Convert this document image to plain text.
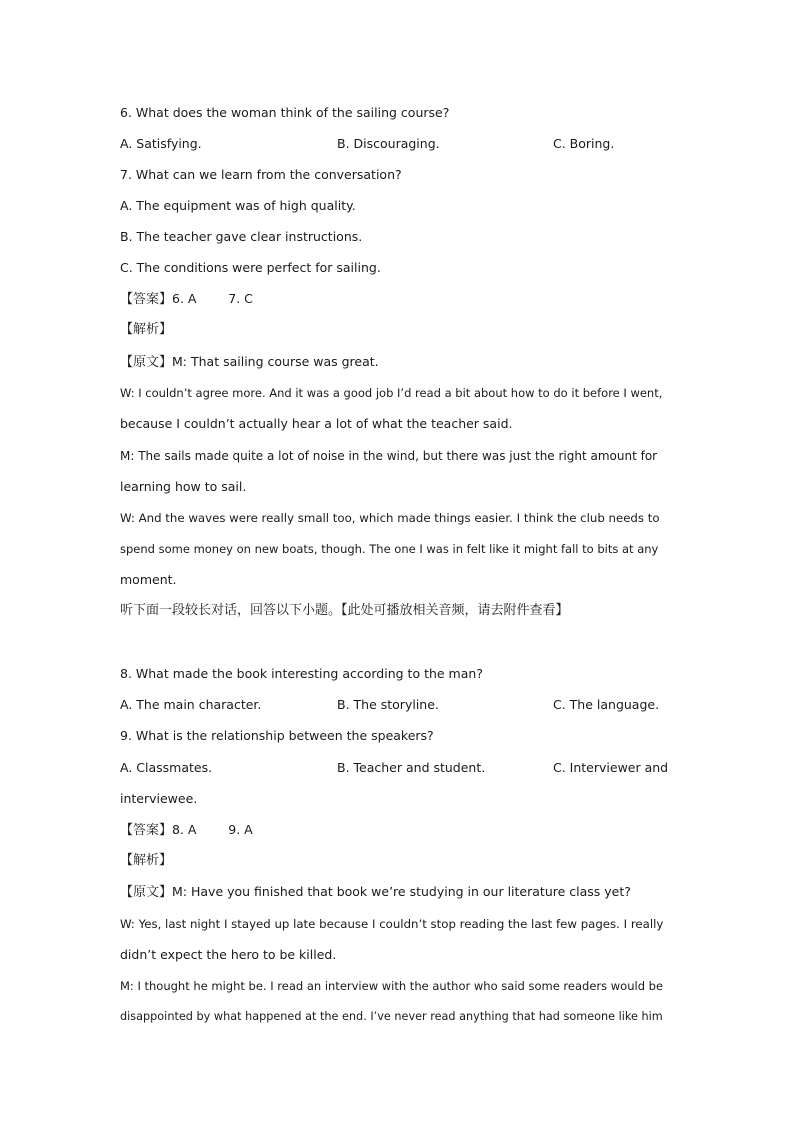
6. What does the woman think of the sailing course?
A. Satisfying.	B. Discouraging.	C. Boring.
7. What can we learn from the conversation?
A. The equipment was of high quality.
B. The teacher gave clear instructions.
C. The conditions were perfect for sailing.
【答案】6. A        7. C
【解析】
【原文】M: That sailing course was great.
W: I couldn’t agree more. And it was a good job I’d read a bit about how to do it before I went,
because I couldn’t actually hear a lot of what the teacher said.
M: The sails made quite a lot of noise in the wind, but there was just the right amount for
learning how to sail.
W: And the waves were really small too, which made things easier. I think the club needs to
spend some money on new boats, though. The one I was in felt like it might fall to bits at any
moment.
听下面一段较长对话，回答以下小题。【此处可播放相关音频，请去附件查看】
8. What made the book interesting according to the man?
A. The main character.	B. The storyline.	C. The language.
9. What is the relationship between the speakers?
A. Classmates.	B. Teacher and student.	C. Interviewer and
interviewee.
【答案】8. A        9. A
【解析】
【原文】M: Have you finished that book we’re studying in our literature class yet?
W: Yes, last night I stayed up late because I couldn’t stop reading the last few pages. I really
didn’t expect the hero to be killed.
M: I thought he might be. I read an interview with the author who said some readers would be
disappointed by what happened at the end. I’ve never read anything that had someone like him
